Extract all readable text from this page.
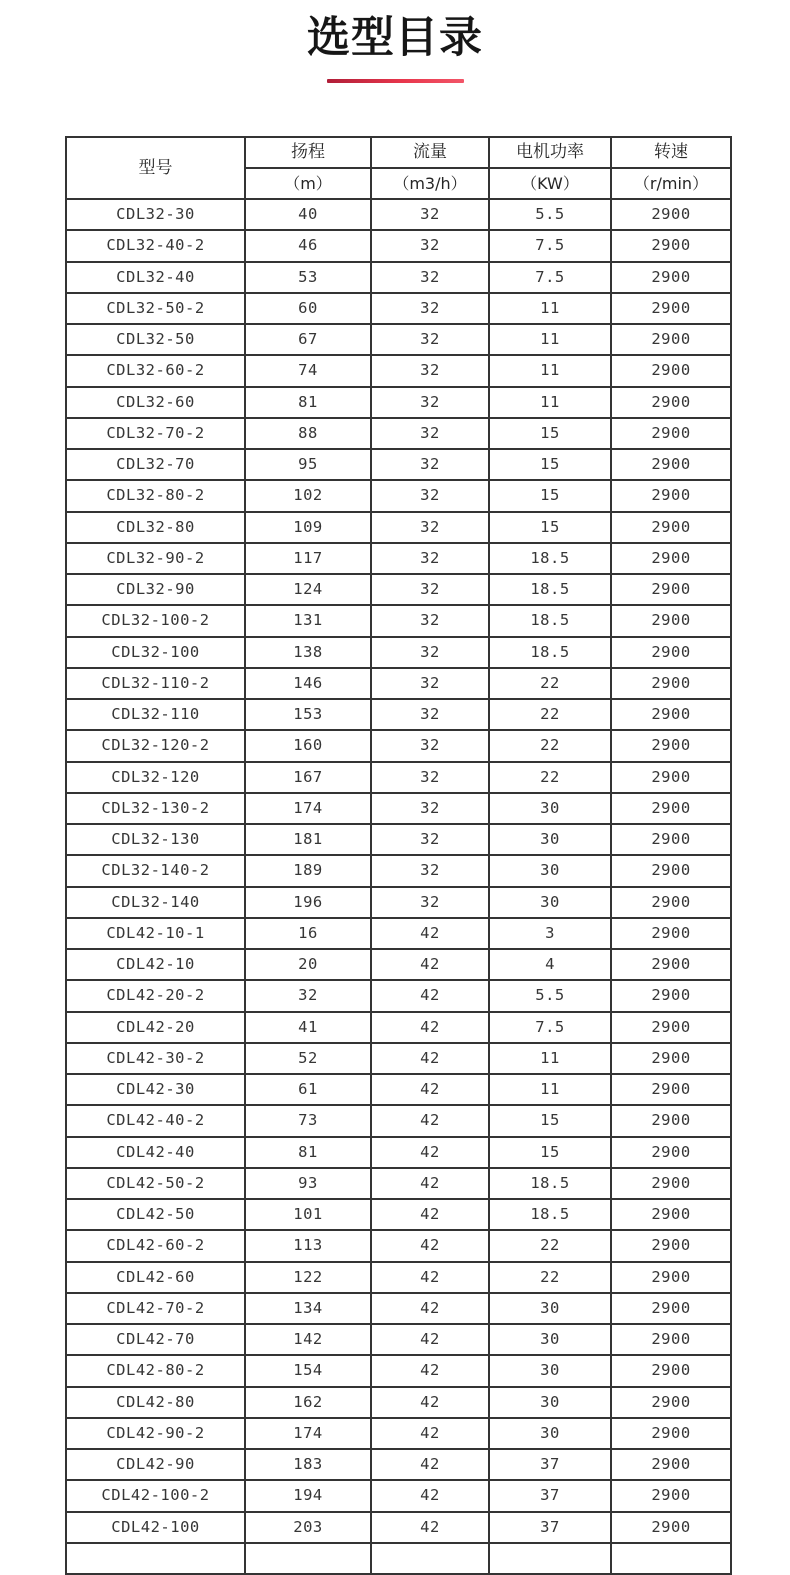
选型目录
型号	扬程	流量	电机功率	转速
	（m）	（m3/h）	（KW）	（r/min）
CDL32-30	40	32	5.5	2900
CDL32-40-2	46	32	7.5	2900
CDL32-40	53	32	7.5	2900
CDL32-50-2	60	32	11	2900
CDL32-50	67	32	11	2900
CDL32-60-2	74	32	11	2900
CDL32-60	81	32	11	2900
CDL32-70-2	88	32	15	2900
CDL32-70	95	32	15	2900
CDL32-80-2	102	32	15	2900
CDL32-80	109	32	15	2900
CDL32-90-2	117	32	18.5	2900
CDL32-90	124	32	18.5	2900
CDL32-100-2	131	32	18.5	2900
CDL32-100	138	32	18.5	2900
CDL32-110-2	146	32	22	2900
CDL32-110	153	32	22	2900
CDL32-120-2	160	32	22	2900
CDL32-120	167	32	22	2900
CDL32-130-2	174	32	30	2900
CDL32-130	181	32	30	2900
CDL32-140-2	189	32	30	2900
CDL32-140	196	32	30	2900
CDL42-10-1	16	42	3	2900
CDL42-10	20	42	4	2900
CDL42-20-2	32	42	5.5	2900
CDL42-20	41	42	7.5	2900
CDL42-30-2	52	42	11	2900
CDL42-30	61	42	11	2900
CDL42-40-2	73	42	15	2900
CDL42-40	81	42	15	2900
CDL42-50-2	93	42	18.5	2900
CDL42-50	101	42	18.5	2900
CDL42-60-2	113	42	22	2900
CDL42-60	122	42	22	2900
CDL42-70-2	134	42	30	2900
CDL42-70	142	42	30	2900
CDL42-80-2	154	42	30	2900
CDL42-80	162	42	30	2900
CDL42-90-2	174	42	30	2900
CDL42-90	183	42	37	2900
CDL42-100-2	194	42	37	2900
CDL42-100	203	42	37	2900
